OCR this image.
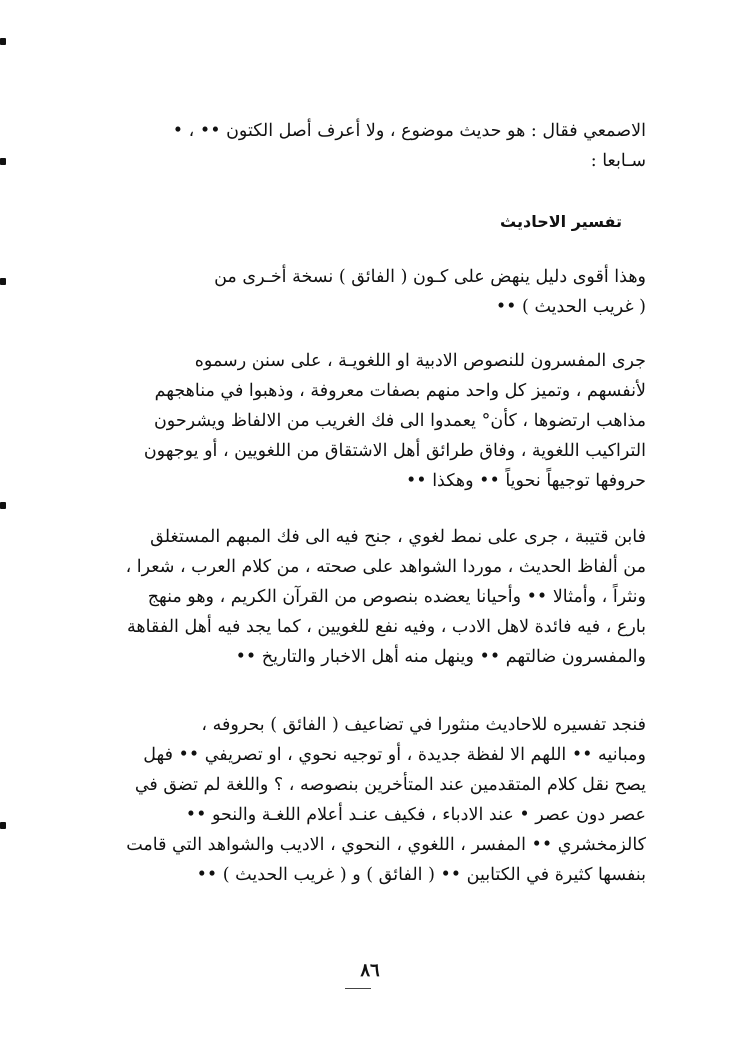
الاصمعي فقال : هو حديث موضوع ، ولا أعرف أصل الكتون •• ، •
سـابعا :
تفسير الاحاديث
وهذا أقوى دليل ينهض على كـون ( الفائق ) نسخة أخـرى من
( غريب الحديث ) ••
جرى المفسرون للنصوص الادبية او اللغويـة ، على سنن رسموه
لأنفسهم ، وتميز كل واحد منهم بصفات معروفة ، وذهبوا في مناهجهم
مذاهب ارتضوها ، كأن° يعمدوا الى فك الغريب من الالفاظ ويشرحون
التراكيب اللغوية ، وفاق طرائق أهل الاشتقاق من اللغويين ، أو يوجهون
حروفها توجيهاً نحوياً •• وهكذا ••
فابن قتيبة ، جرى على نمط لغوي ، جنح فيه الى فك المبهم المستغلق
من ألفاظ الحديث ، موردا الشواهد على صحته ، من كلام العرب ، شعرا ،
ونثراً ، وأمثالا •• وأحيانا يعضده بنصوص من القرآن الكريم ، وهو منهج
بارع ، فيه فائدة لاهل الادب ، وفيه نفع للغويين ، كما يجد فيه أهل الفقاهة
والمفسرون ضالتهم •• وينهل منه أهل الاخبار والتاريخ ••
فنجد تفسيره للاحاديث منثورا في تضاعيف ( الفائق ) بحروفه ،
ومبانيه •• اللهم الا لفظة جديدة ، أو توجيه نحوي ، او تصريفي •• فهل
يصح نقل كلام المتقدمين عند المتأخرين بنصوصه ، ؟ واللغة لم تضق في
عصر دون عصر • عند الادباء ، فكيف عنـد أعلام اللغـة والنحو ••
كالزمخشري •• المفسر ، اللغوي ، النحوي ، الاديب والشواهد التي قامت
بنفسها كثيرة في الكتابين •• ( الفائق ) و ( غريب الحديث ) ••
٨٦
